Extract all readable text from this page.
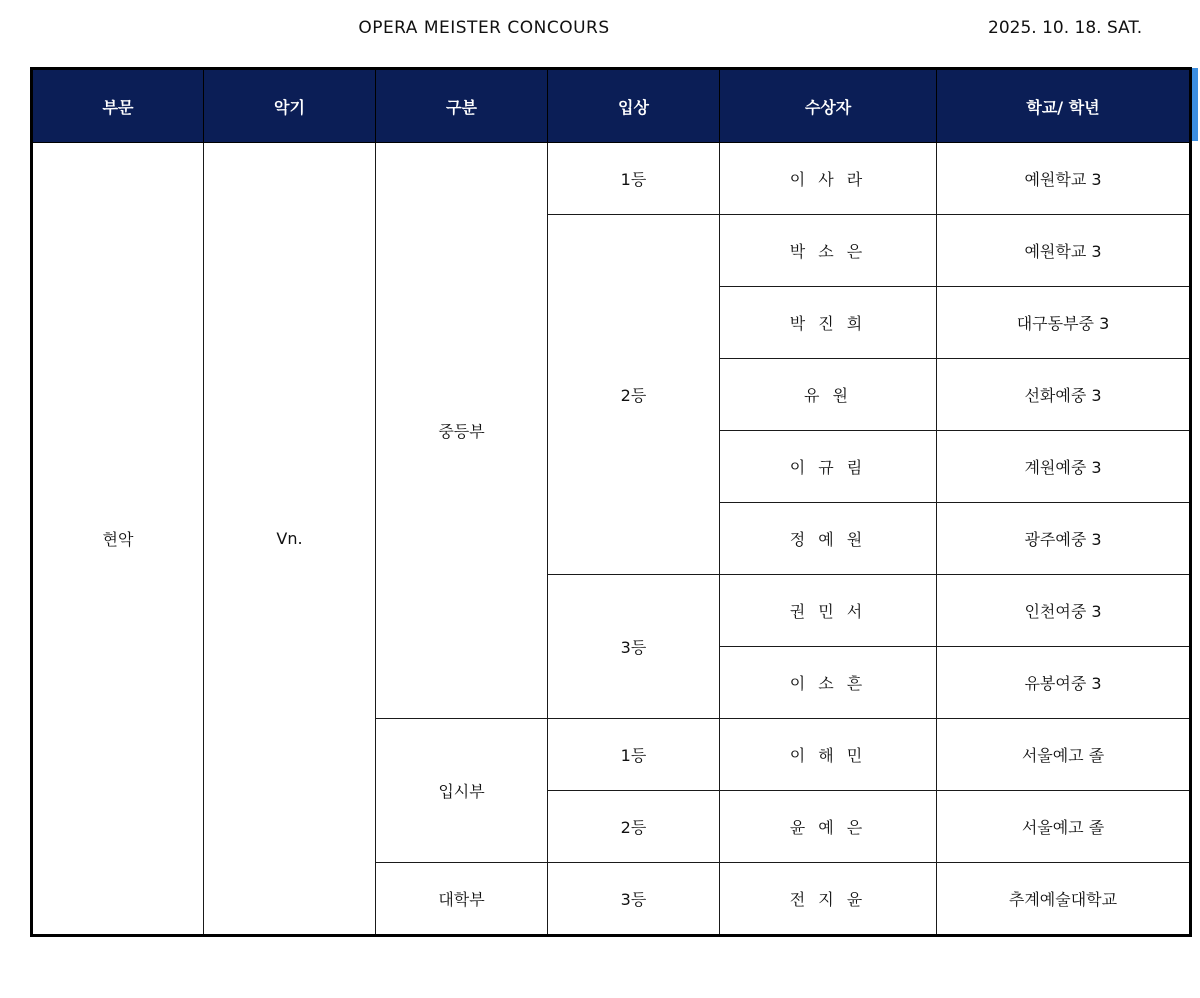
OPERA MEISTER CONCOURS	2025. 10. 18. SAT.
부문	악기	구분	입상	수상자	학교/ 학년
현악	Vn.	중등부	1등	이 사 라	예원학교 3
			2등	박 소 은	예원학교 3
				박 진 희	대구동부중 3
				유 원	선화예중 3
				이 규 림	계원예중 3
				정 예 원	광주예중 3
			3등	권 민 서	인천여중 3
				이 소 흔	유봉여중 3
		입시부	1등	이 해 민	서울예고 졸
			2등	윤 예 은	서울예고 졸
		대학부	3등	전 지 윤	추계예술대학교
